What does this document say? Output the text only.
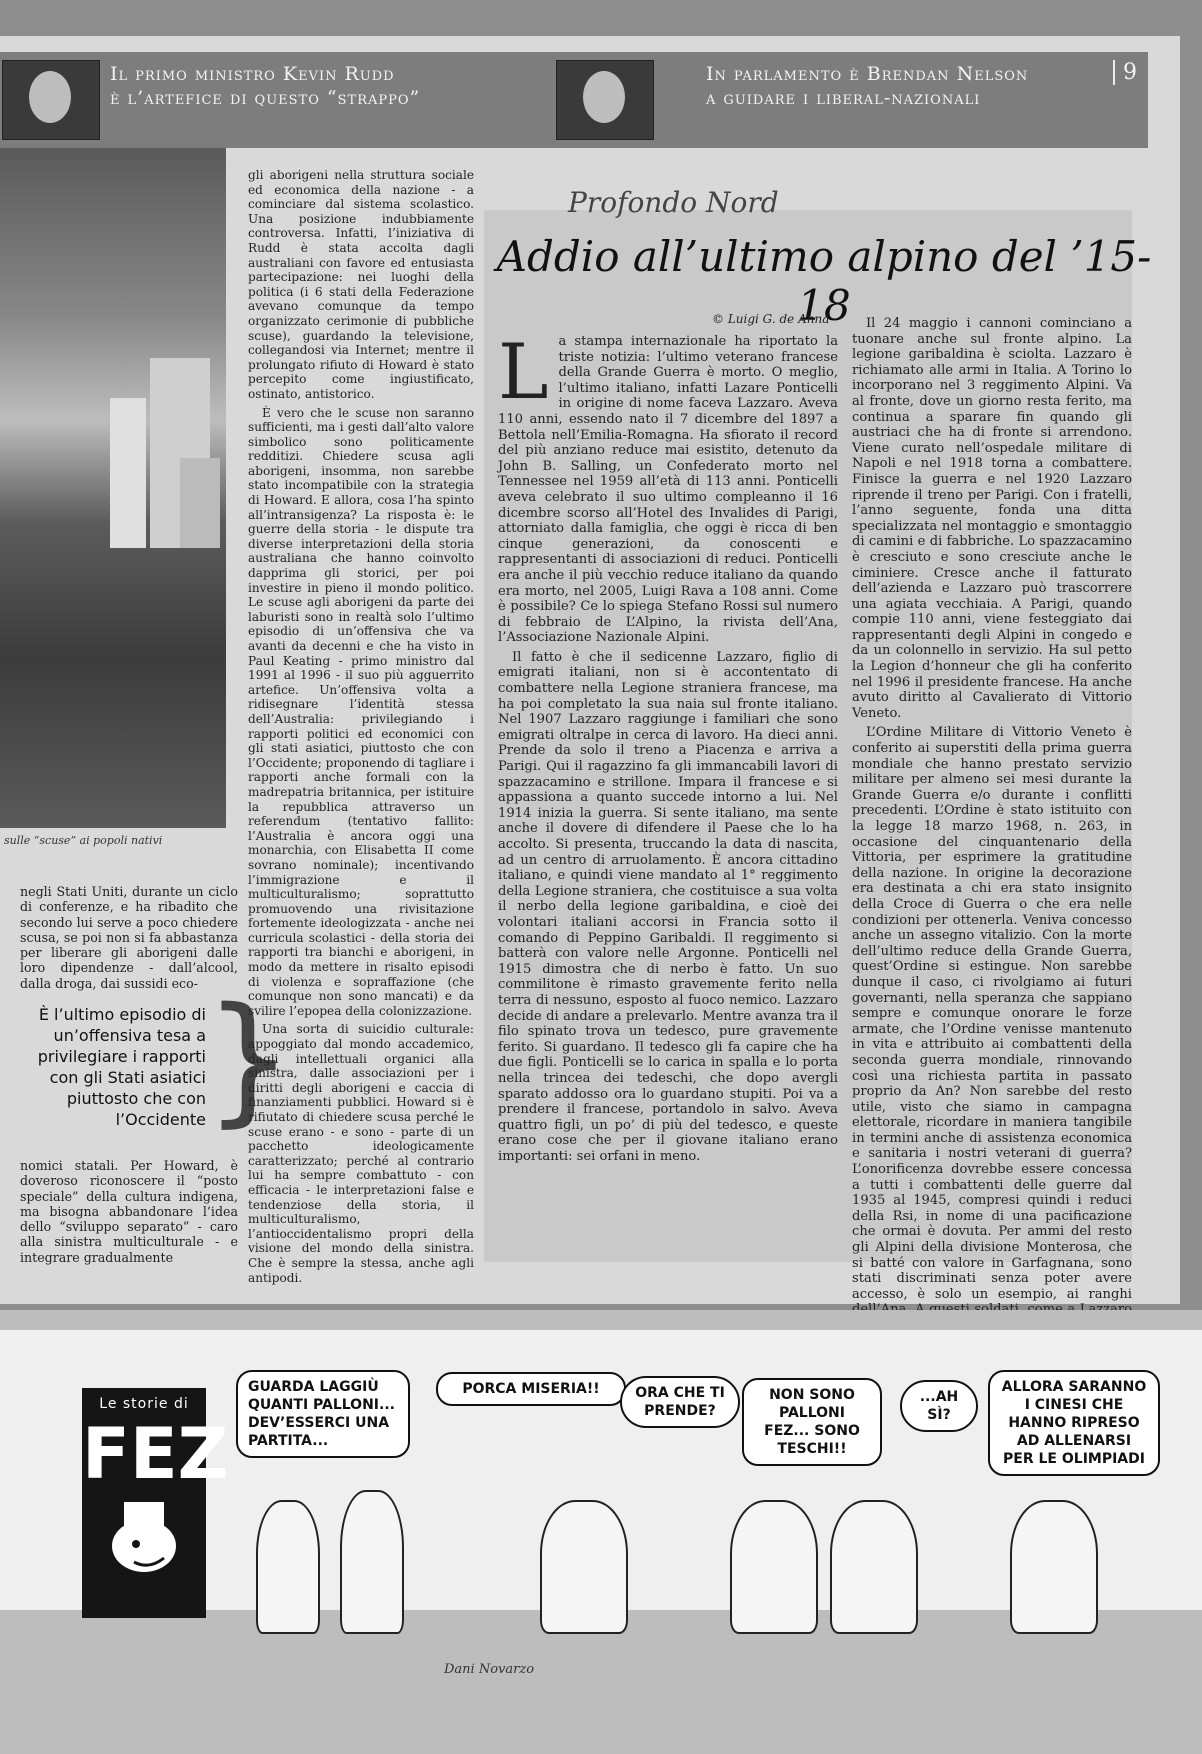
Il primo ministro Kevin Rudd
è l’artefice di questo “strappo”
In parlamento è Brendan Nelson
a guidare i liberal-nazionali
9
sulle “scuse” ai popoli nativi

negli Stati Uniti, durante un ciclo di conferenze, e ha ribadito che secondo lui serve a poco chiedere scusa, se poi non si fa abbastanza per liberare gli aborigeni dalle loro dipendenze - dall’alcool, dalla droga, dai sussidi eco-

È l’ultimo episodio di un’offensiva tesa a privilegiare i rapporti con gli Stati asiatici piuttosto che con l’Occidente
}

nomici statali. Per Howard, è doveroso riconoscere il “posto speciale” della cultura indigena, ma bisogna abbandonare l’idea dello “sviluppo separato” - caro alla sinistra multiculturale - e integrare gradualmente

gli aborigeni nella struttura sociale ed economica della nazione - a cominciare dal sistema scolastico. Una posizione indubbiamente controversa. Infatti, l’iniziativa di Rudd è stata accolta dagli australiani con favore ed entusiasta partecipazione: nei luoghi della politica (i 6 stati della Federazione avevano comunque da tempo organizzato cerimonie di pubbliche scuse), guardando la televisione, collegandosi via Internet; mentre il prolungato rifiuto di Howard è stato percepito come ingiustificato, ostinato, antistorico.

È vero che le scuse non saranno sufficienti, ma i gesti dall’alto valore simbolico sono politicamente redditizi. Chiedere scusa agli aborigeni, insomma, non sarebbe stato incompatibile con la strategia di Howard. E allora, cosa l’ha spinto all’intransigenza? La risposta è: le guerre della storia - le dispute tra diverse interpretazioni della storia australiana che hanno coinvolto dapprima gli storici, per poi investire in pieno il mondo politico. Le scuse agli aborigeni da parte dei laburisti sono in realtà solo l’ultimo episodio di un’offensiva che va avanti da decenni e che ha visto in Paul Keating - primo ministro dal 1991 al 1996 - il suo più agguerrito artefice. Un’offensiva volta a ridisegnare l’identità stessa dell’Australia: privilegiando i rapporti politici ed economici con gli stati asiatici, piuttosto che con l’Occidente; proponendo di tagliare i rapporti anche formali con la madrepatria britannica, per istituire la repubblica attraverso un referendum (tentativo fallito: l’Australia è ancora oggi una monarchia, con Elisabetta II come sovrano nominale); incentivando l’immigrazione e il multiculturalismo; soprattutto promuovendo una rivisitazione fortemente ideologizzata - anche nei curricula scolastici - della storia dei rapporti tra bianchi e aborigeni, in modo da mettere in risalto episodi di violenza e sopraffazione (che comunque non sono mancati) e da svilire l’epopea della colonizzazione.

Una sorta di suicidio culturale: appoggiato dal mondo accademico, dagli intellettuali organici alla sinistra, dalle associazioni per i diritti degli aborigeni e caccia di finanziamenti pubblici. Howard si è rifiutato di chiedere scusa perché le scuse erano - e sono - parte di un pacchetto ideologicamente caratterizzato; perché al contrario lui ha sempre combattuto - con efficacia - le interpretazioni false e tendenziose della storia, il multiculturalismo, l’antioccidentalismo propri della visione del mondo della sinistra. Che è sempre la stessa, anche agli antipodi.

Profondo Nord
Addio all’ultimo alpino del ’15-18
© Luigi G. de Anna
L a stampa internazionale ha riportato la triste notizia: l’ultimo veterano francese della Grande Guerra è morto. O meglio, l’ultimo italiano, infatti Lazare Ponticelli in origine di nome faceva Lazzaro. Aveva 110 anni, essendo nato il 7 dicembre del 1897 a Bettola nell’Emilia-Romagna. Ha sfiorato il record del più anziano reduce mai esistito, detenuto da John B. Salling, un Confederato morto nel Tennessee nel 1959 all’età di 113 anni. Ponticelli aveva celebrato il suo ultimo compleanno il 16 dicembre scorso all’Hotel des Invalides di Parigi, attorniato dalla famiglia, che oggi è ricca di ben cinque generazioni, da conoscenti e rappresentanti di associazioni di reduci. Ponticelli era anche il più vecchio reduce italiano da quando era morto, nel 2005, Luigi Rava a 108 anni. Come è possibile? Ce lo spiega Stefano Rossi sul numero di febbraio de L’Alpino, la rivista dell’Ana, l’Associazione Nazionale Alpini.

Il fatto è che il sedicenne Lazzaro, figlio di emigrati italiani, non si è accontentato di combattere nella Legione straniera francese, ma ha poi completato la sua naia sul fronte italiano. Nel 1907 Lazzaro raggiunge i familiari che sono emigrati oltralpe in cerca di lavoro. Ha dieci anni. Prende da solo il treno a Piacenza e arriva a Parigi. Qui il ragazzino fa gli immancabili lavori di spazzacamino e strillone. Impara il francese e si appassiona a quanto succede intorno a lui. Nel 1914 inizia la guerra. Si sente italiano, ma sente anche il dovere di difendere il Paese che lo ha accolto. Si presenta, truccando la data di nascita, ad un centro di arruolamento. È ancora cittadino italiano, e quindi viene mandato al 1° reggimento della Legione straniera, che costituisce a sua volta il nerbo della legione garibaldina, e cioè dei volontari italiani accorsi in Francia sotto il comando di Peppino Garibaldi. Il reggimento si batterà con valore nelle Argonne. Ponticelli nel 1915 dimostra che di nerbo è fatto. Un suo commilitone è rimasto gravemente ferito nella terra di nessuno, esposto al fuoco nemico. Lazzaro decide di andare a prelevarlo. Mentre avanza tra il filo spinato trova un tedesco, pure gravemente ferito. Si guardano. Il tedesco gli fa capire che ha due figli. Ponticelli se lo carica in spalla e lo porta nella trincea dei tedeschi, che dopo avergli sparato addosso ora lo guardano stupiti. Poi va a prendere il francese, portandolo in salvo. Aveva quattro figli, un po’ di più del tedesco, e queste erano cose che per il giovane italiano erano importanti: sei orfani in meno.

Il 24 maggio i cannoni cominciano a tuonare anche sul fronte alpino. La legione garibaldina è sciolta. Lazzaro è richiamato alle armi in Italia. A Torino lo incorporano nel 3 reggimento Alpini. Va al fronte, dove un giorno resta ferito, ma continua a sparare fin quando gli austriaci che ha di fronte si arrendono. Viene curato nell’ospedale militare di Napoli e nel 1918 torna a combattere. Finisce la guerra e nel 1920 Lazzaro riprende il treno per Parigi. Con i fratelli, l’anno seguente, fonda una ditta specializzata nel montaggio e smontaggio di camini e di fabbriche. Lo spazzacamino è cresciuto e sono cresciute anche le ciminiere. Cresce anche il fatturato dell’azienda e Lazzaro può trascorrere una agiata vecchiaia. A Parigi, quando compie 110 anni, viene festeggiato dai rappresentanti degli Alpini in congedo e da un colonnello in servizio. Ha sul petto la Legion d’honneur che gli ha conferito nel 1996 il presidente francese. Ha anche avuto diritto al Cavalierato di Vittorio Veneto.

L’Ordine Militare di Vittorio Veneto è conferito ai superstiti della prima guerra mondiale che hanno prestato servizio militare per almeno sei mesi durante la Grande Guerra e/o durante i conflitti precedenti. L’Ordine è stato istituito con la legge 18 marzo 1968, n. 263, in occasione del cinquantenario della Vittoria, per esprimere la gratitudine della nazione. In origine la decorazione era destinata a chi era stato insignito della Croce di Guerra o che era nelle condizioni per ottenerla. Veniva concesso anche un assegno vitalizio. Con la morte dell’ultimo reduce della Grande Guerra, quest’Ordine si estingue. Non sarebbe dunque il caso, ci rivolgiamo ai futuri governanti, nella speranza che sappiano sempre e comunque onorare le forze armate, che l’Ordine venisse mantenuto in vita e attribuito ai combattenti della seconda guerra mondiale, rinnovando così una richiesta partita in passato proprio da An? Non sarebbe del resto utile, visto che siamo in campagna elettorale, ricordare in maniera tangibile in termini anche di assistenza economica e sanitaria i nostri veterani di guerra? L’onorificenza dovrebbe essere concessa a tutti i combattenti delle guerre dal 1935 al 1945, compresi quindi i reduci della Rsi, in nome di una pacificazione che ormai è dovuta. Per ammi del resto gli Alpini della divisione Monterosa, che si batté con valore in Garfagnana, sono stati discriminati senza poter avere accesso, è solo un esempio, ai ranghi

Le storie di
FEZ
GUARDA LAGGIÙ QUANTI PALLONI... DEV’ESSERCI UNA PARTITA...
PORCA MISERIA!!	ORA CHE TI PRENDE?
NON SONO PALLONI FEZ... SONO TESCHI!!
...AH SÌ?
ALLORA SARANNO I CINESI CHE HANNO RIPRESO AD ALLENARSI PER LE OLIMPIADI
Dani Novarzo
